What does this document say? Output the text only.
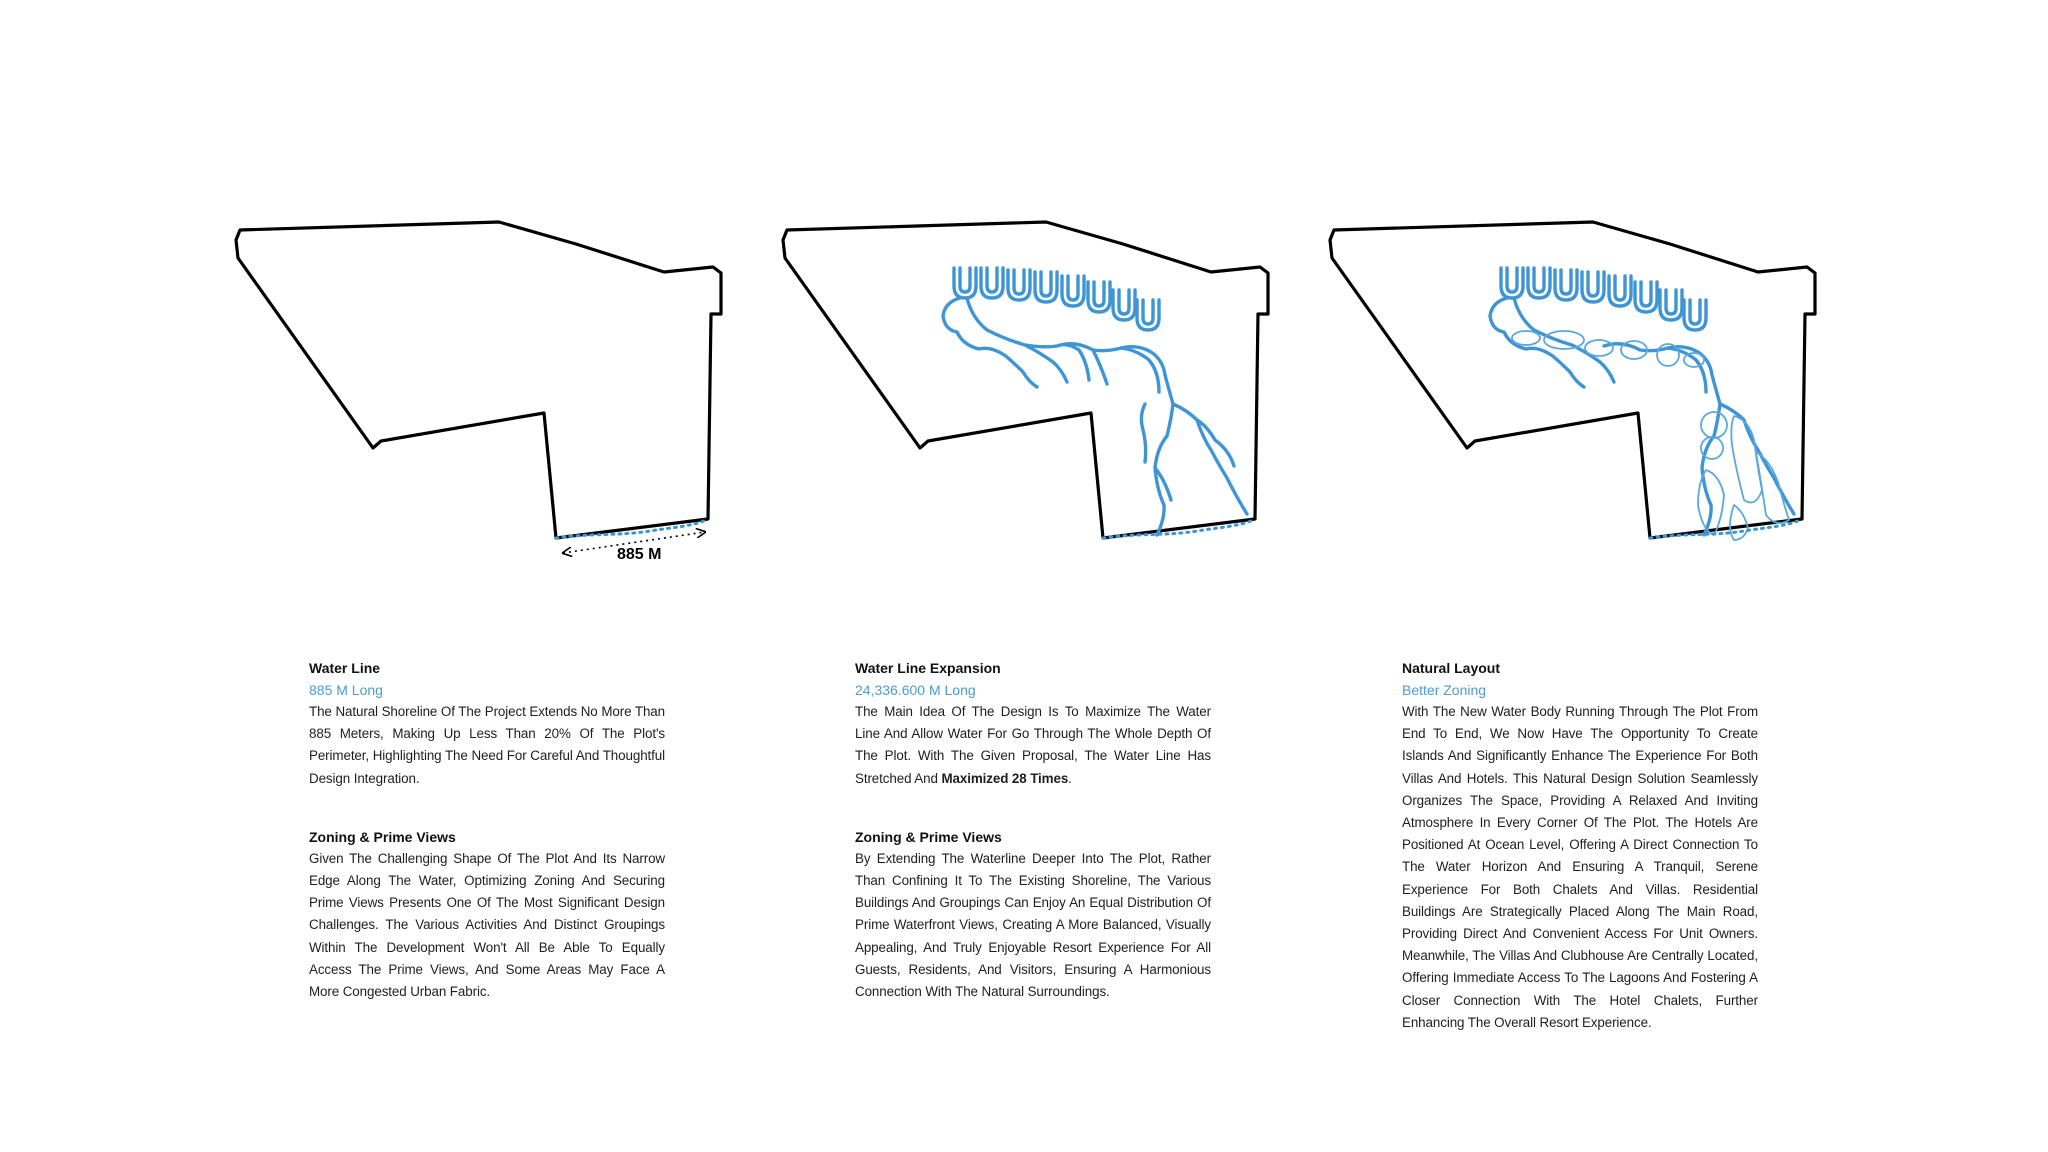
885 M
Water Line
885 M Long

The Natural Shoreline Of The Project Extends No More Than 885 Meters, Making Up Less Than 20% Of The Plot's Perimeter, Highlighting The Need For Careful And Thoughtful Design Integration.

Zoning & Prime Views

Given The Challenging Shape Of The Plot And Its Narrow Edge Along The Water, Optimizing Zoning And Securing Prime Views Presents One Of The Most Significant Design Challenges. The Various Activities And Distinct Groupings Within The Development Won't All Be Able To Equally Access The Prime Views, And Some Areas May Face A More Congested Urban Fabric.

Water Line Expansion
24,336.600 M Long

The Main Idea Of The Design Is To Maximize The Water Line And Allow Water For Go Through The Whole Depth Of The Plot. With The Given Proposal, The Water Line Has Stretched And Maximized 28 Times.

Zoning & Prime Views

By Extending The Waterline Deeper Into The Plot, Rather Than Confining It To The Existing Shoreline, The Various Buildings And Groupings Can Enjoy An Equal Distribution Of Prime Waterfront Views, Creating A More Balanced, Visually Appealing, And Truly Enjoyable Resort Experience For All Guests, Residents, And Visitors, Ensuring A Harmonious Connection With The Natural Surroundings.

Natural Layout
Better Zoning

With The New Water Body Running Through The Plot From End To End, We Now Have The Opportunity To Create Islands And Significantly Enhance The Experience For Both Villas And Hotels. This Natural Design Solution Seamlessly Organizes The Space, Providing A Relaxed And Inviting Atmosphere In Every Corner Of The Plot. The Hotels Are Positioned At Ocean Level, Offering A Direct Connection To The Water Horizon And Ensuring A Tranquil, Serene Experience For Both Chalets And Villas. Residential Buildings Are Strategically Placed Along The Main Road, Providing Direct And Convenient Access For Unit Owners. Meanwhile, The Villas And Clubhouse Are Centrally Located, Offering Immediate Access To The Lagoons And Fostering A Closer Connection With The Hotel Chalets, Further Enhancing The Overall Resort Experience.
